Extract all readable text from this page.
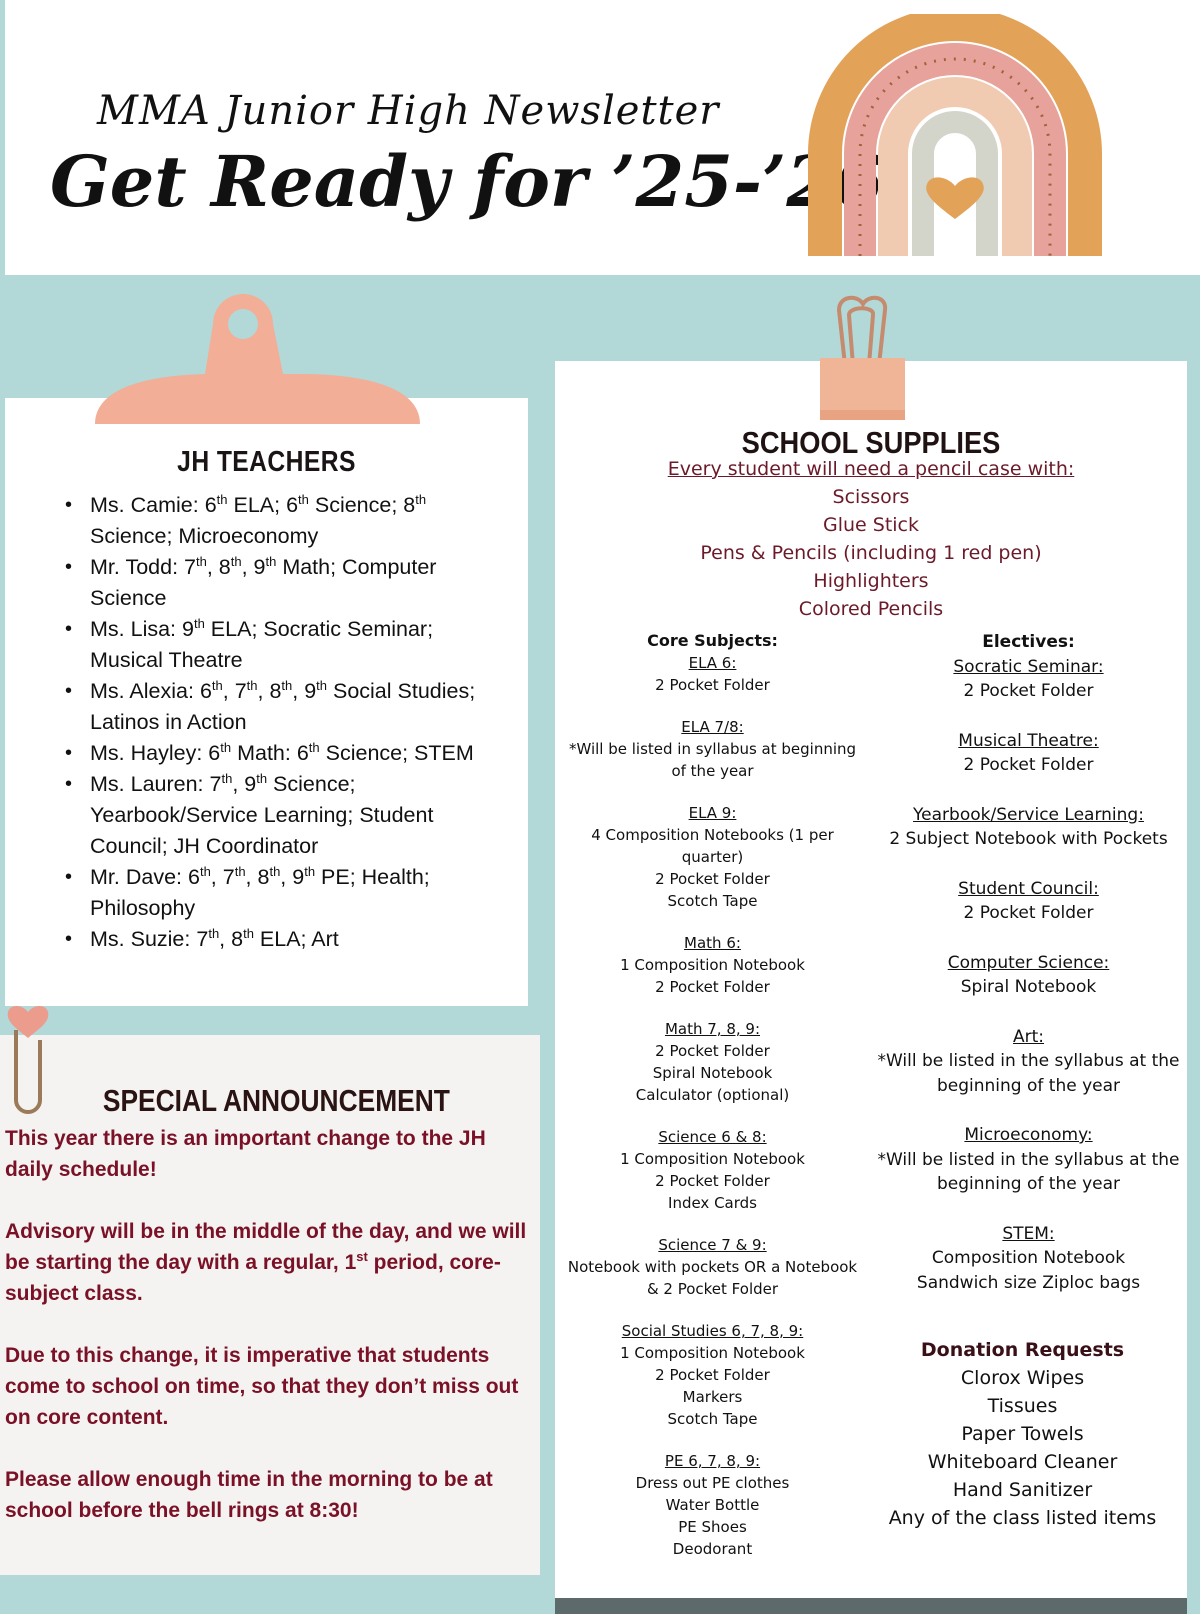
MMA Junior High Newsletter
Get Ready for ’25-’26
JH TEACHERS
• Ms. Camie: 6th ELA; 6th Science; 8th Science; Microeconomy
• Mr. Todd: 7th, 8th, 9th Math; Computer Science
• Ms. Lisa: 9th ELA; Socratic Seminar; Musical Theatre
• Ms. Alexia: 6th, 7th, 8th, 9th Social Studies; Latinos in Action
• Ms. Hayley: 6th Math: 6th Science; STEM
• Ms. Lauren: 7th, 9th Science; Yearbook/Service Learning; Student Council; JH Coordinator
• Mr. Dave: 6th, 7th, 8th, 9th PE; Health; Philosophy
• Ms. Suzie: 7th, 8th ELA; Art
SPECIAL ANNOUNCEMENT

This year there is an important change to the JH daily schedule!

Advisory will be in the middle of the day, and we will be starting the day with a regular, 1st period, core-subject class.

Due to this change, it is imperative that students come to school on time, so that they don’t miss out on core content.

Please allow enough time in the morning to be at school before the bell rings at 8:30!

SCHOOL SUPPLIES
Every student will need a pencil case with:
Scissors
Glue Stick
Pens & Pencils (including 1 red pen)
Highlighters
Colored Pencils
Core Subjects:
ELA 6:
2 Pocket Folder
ELA 7/8:
*Will be listed in syllabus at beginning
of the year
ELA 9:
4 Composition Notebooks (1 per
quarter)
2 Pocket Folder
Scotch Tape
Math 6:
1 Composition Notebook
2 Pocket Folder
Math 7, 8, 9:
2 Pocket Folder
Spiral Notebook
Calculator (optional)
Science 6 & 8:
1 Composition Notebook
2 Pocket Folder
Index Cards
Science 7 & 9:
Notebook with pockets OR a Notebook
& 2 Pocket Folder
Social Studies 6, 7, 8, 9:
1 Composition Notebook
2 Pocket Folder
Markers
Scotch Tape
PE 6, 7, 8, 9:
Dress out PE clothes
Water Bottle
PE Shoes
Deodorant
Electives:
Socratic Seminar:
2 Pocket Folder
Musical Theatre:
2 Pocket Folder
Yearbook/Service Learning:
2 Subject Notebook with Pockets
Student Council:
2 Pocket Folder
Computer Science:
Spiral Notebook
Art:
*Will be listed in the syllabus at the
beginning of the year
Microeconomy:
*Will be listed in the syllabus at the
beginning of the year
STEM:
Composition Notebook
Sandwich size Ziploc bags
Donation Requests
Clorox Wipes
Tissues
Paper Towels
Whiteboard Cleaner
Hand Sanitizer
Any of the class listed items
